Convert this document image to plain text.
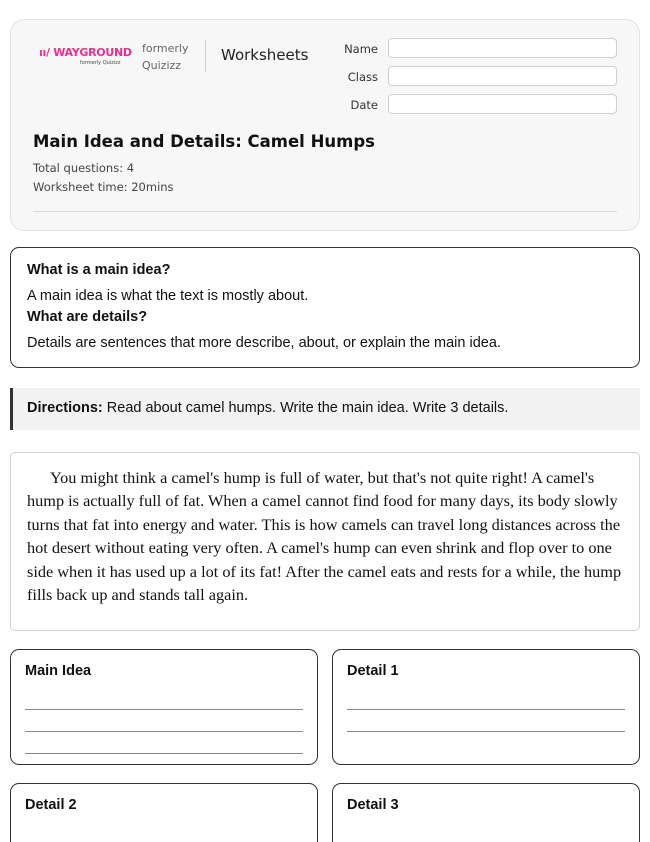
ıı/ WAYGROUND
formerly Quizizz
formerly
Quizizz
Worksheets	Name
Class
Date
Main Idea and Details: Camel Humps
Total questions: 4
Worksheet time: 20mins
What is a main idea?
A main idea is what the text is mostly about.
What are details?
Details are sentences that more describe, about, or explain the main idea.
Directions: Read about camel humps. Write the main idea. Write 3 details.

You might think a camel's hump is full of water, but that's not quite right! A camel's hump is actually full of fat. When a camel cannot find food for many days, its body slowly turns that fat into energy and water. This is how camels can travel long distances across the hot desert without eating very often. A camel's hump can even shrink and flop over to one side when it has used up a lot of its fat! After the camel eats and rests for a while, the hump fills back up and stands tall again.

Main Idea	Detail 1
Detail 2	Detail 3
